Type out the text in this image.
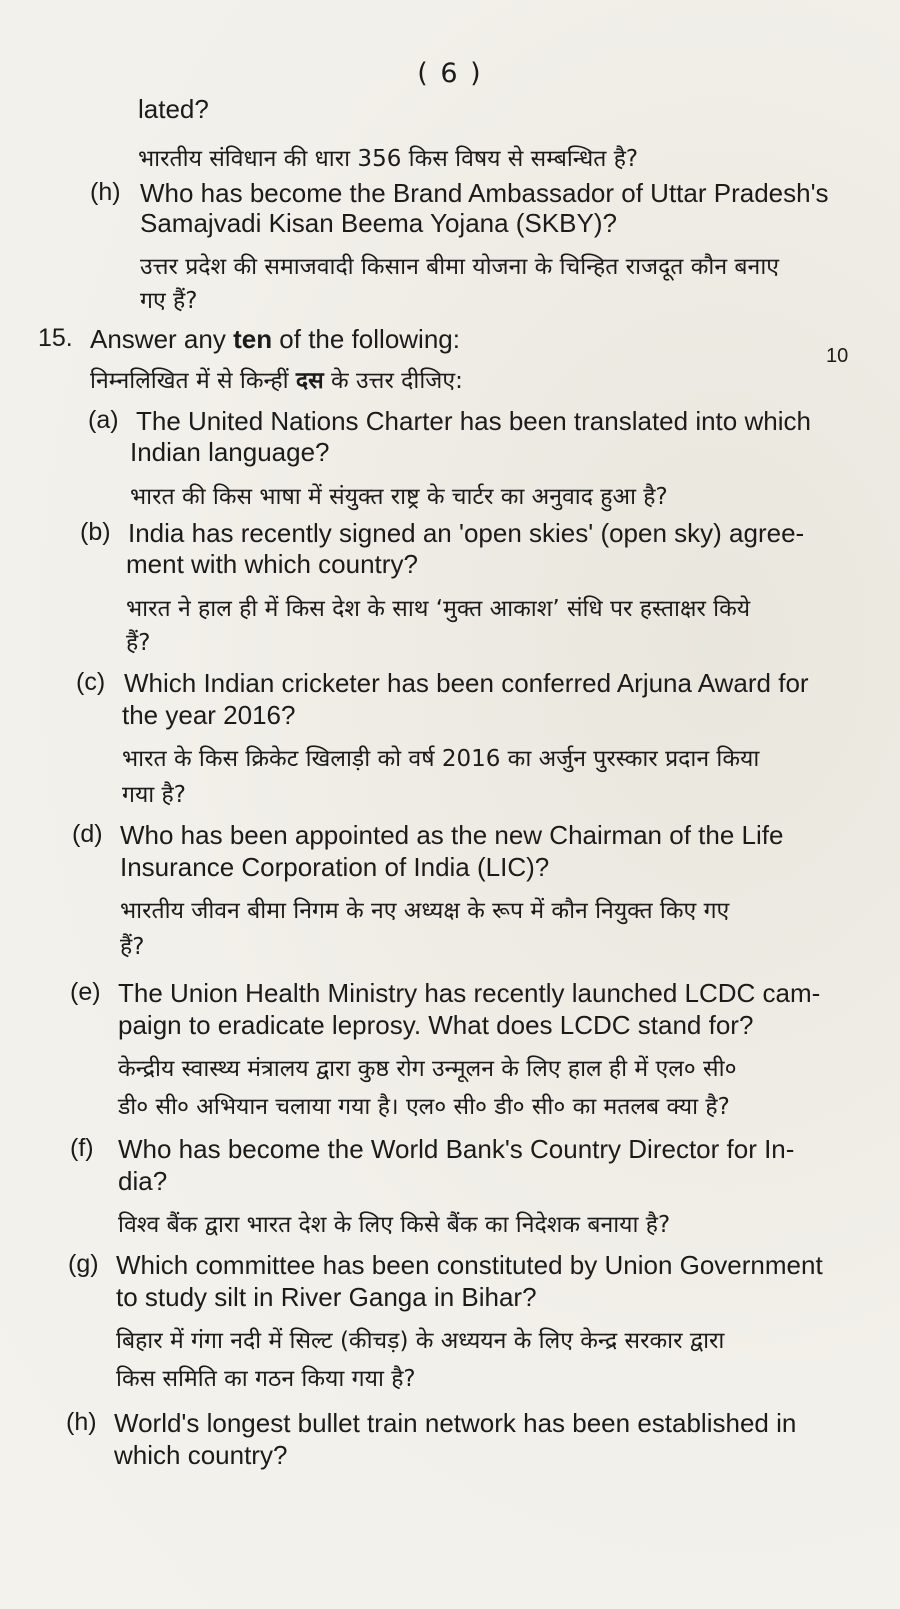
( 6 )
lated?
भारतीय संविधान की धारा 356 किस विषय से सम्बन्धित है?
(h) Who has become the Brand Ambassador of Uttar Pradesh's
Samajvadi Kisan Beema Yojana (SKBY)?
उत्तर प्रदेश की समाजवादी किसान बीमा योजना के चिन्हित राजदूत कौन बनाए
गए हैं?
15. Answer any ten of the following:
10
निम्नलिखित में से किन्हीं दस के उत्तर दीजिए:
(a) The United Nations Charter has been translated into which
Indian language?
भारत की किस भाषा में संयुक्त राष्ट्र के चार्टर का अनुवाद हुआ है?
(b) India has recently signed an 'open skies' (open sky) agree-
ment with which country?
भारत ने हाल ही में किस देश के साथ ‘मुक्त आकाश’ संधि पर हस्ताक्षर किये
हैं?
(c) Which Indian cricketer has been conferred Arjuna Award for
the year 2016?
भारत के किस क्रिकेट खिलाड़ी को वर्ष 2016 का अर्जुन पुरस्कार प्रदान किया
गया है?
(d) Who has been appointed as the new Chairman of the Life
Insurance Corporation of India (LIC)?
भारतीय जीवन बीमा निगम के नए अध्यक्ष के रूप में कौन नियुक्त किए गए
हैं?
(e) The Union Health Ministry has recently launched LCDC cam-
paign to eradicate leprosy. What does LCDC stand for?
केन्द्रीय स्वास्थ्य मंत्रालय द्वारा कुष्ठ रोग उन्मूलन के लिए हाल ही में एल० सी०
डी० सी० अभियान चलाया गया है। एल० सी० डी० सी० का मतलब क्या है?
(f) Who has become the World Bank's Country Director for In-
dia?
विश्व बैंक द्वारा भारत देश के लिए किसे बैंक का निदेशक बनाया है?
(g) Which committee has been constituted by Union Government
to study silt in River Ganga in Bihar?
बिहार में गंगा नदी में सिल्ट (कीचड़) के अध्ययन के लिए केन्द्र सरकार द्वारा
किस समिति का गठन किया गया है?
(h) World's longest bullet train network has been established in
which country?
